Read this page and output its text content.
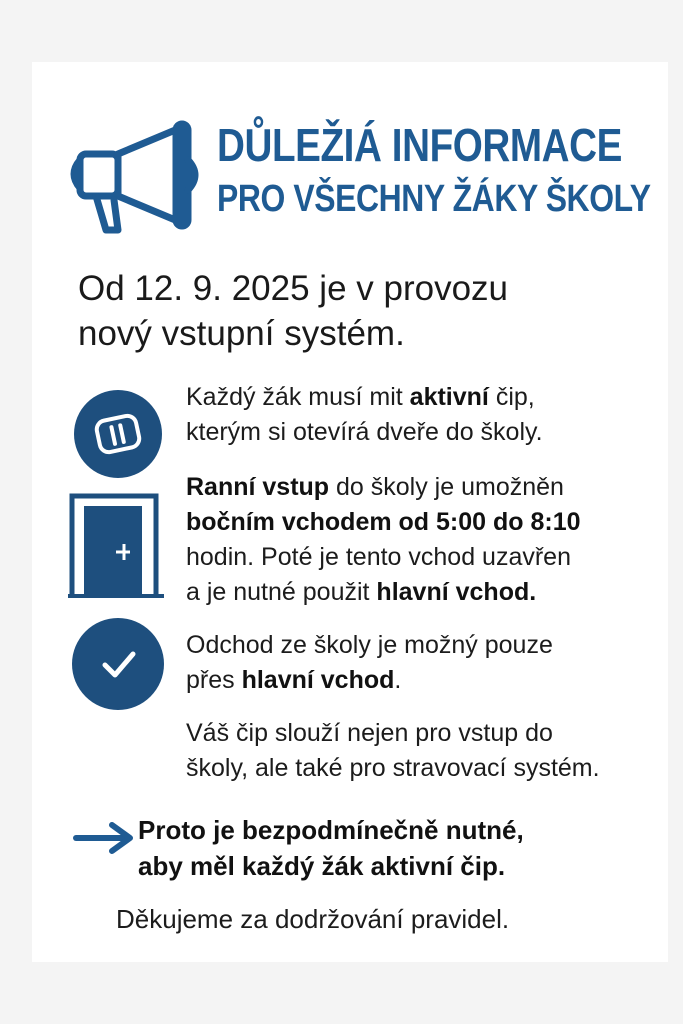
DŮLEŽIÁ INFORMACE
PRO VŠECHNY ŽÁKY ŠKOLY
Od 12. 9. 2025 je v provozu
nový vstupní systém.
Každý žák musí mit aktivní čip,
kterým si otevírá dveře do školy.
Ranní vstup do školy je umožněn
bočním vchodem od 5:00 do 8:10
hodin. Poté je tento vchod uzavřen
a je nutné použit hlavní vchod.
Odchod ze školy je možný pouze
přes hlavní vchod.
Váš čip slouží nejen pro vstup do
školy, ale také pro stravovací systém.
Proto je bezpodmínečně nutné,
aby měl každý žák aktivní čip.
Děkujeme za dodržování pravidel.
